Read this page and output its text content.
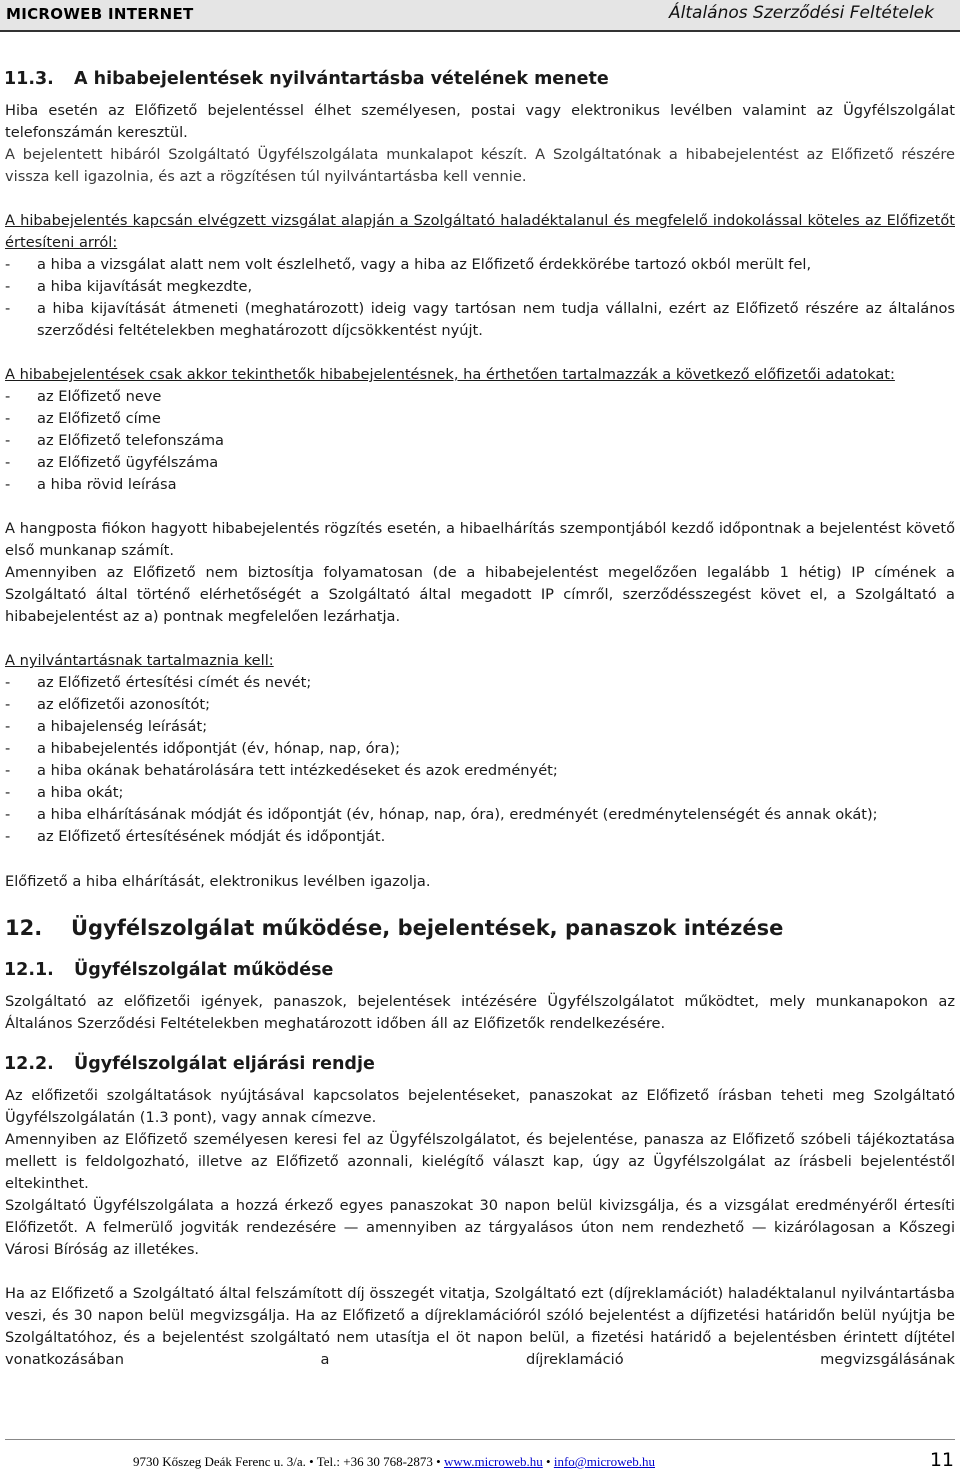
MICROWEB INTERNET	Általános Szerződési Feltételek
11.3. A hibabejelentések nyilvántartásba vételének menete
Hiba esetén az Előfizető bejelentéssel élhet személyesen, postai vagy elektronikus levélben valamint az Ügyfélszolgálat telefonszámán keresztül.
A bejelentett hibáról Szolgáltató Ügyfélszolgálata munkalapot készít. A Szolgáltatónak a hibabejelentést az Előfizető részére vissza kell igazolnia, és azt a rögzítésen túl nyilvántartásba kell vennie.
A hibabejelentés kapcsán elvégzett vizsgálat alapján a Szolgáltató haladéktalanul és megfelelő indokolással köteles az Előfizetőt értesíteni arról:
-	a hiba a vizsgálat alatt nem volt észlelhető, vagy a hiba az Előfizető érdekkörébe tartozó okból merült fel,
-	a hiba kijavítását megkezdte,
-	a hiba kijavítását átmeneti (meghatározott) ideig vagy tartósan nem tudja vállalni, ezért az Előfizető részére az általános szerződési feltételekben meghatározott díjcsökkentést nyújt.
A hibabejelentések csak akkor tekinthetők hibabejelentésnek, ha érthetően tartalmazzák a következő előfizetői adatokat:
-	az Előfizető neve
-	az Előfizető címe
-	az Előfizető telefonszáma
-	az Előfizető ügyfélszáma
-	a hiba rövid leírása
A hangposta fiókon hagyott hibabejelentés rögzítés esetén, a hibaelhárítás szempontjából kezdő időpontnak a bejelentést követő első munkanap számít.
Amennyiben az Előfizető nem biztosítja folyamatosan (de a hibabejelentést megelőzően legalább 1 hétig) IP címének a Szolgáltató által történő elérhetőségét a Szolgáltató által megadott IP címről, szerződésszegést követ el, a Szolgáltató a hibabejelentést az a) pontnak megfelelően lezárhatja.
A nyilvántartásnak tartalmaznia kell:
-	az Előfizető értesítési címét és nevét;
-	az előfizetői azonosítót;
-	a hibajelenség leírását;
-	a hibabejelentés időpontját (év, hónap, nap, óra);
-	a hiba okának behatárolására tett intézkedéseket és azok eredményét;
-	a hiba okát;
-	a hiba elhárításának módját és időpontját (év, hónap, nap, óra), eredményét (eredménytelenségét és annak okát);
-	az Előfizető értesítésének módját és időpontját.
Előfizető a hiba elhárítását, elektronikus levélben igazolja.
12. Ügyfélszolgálat működése, bejelentések, panaszok intézése
12.1. Ügyfélszolgálat működése
Szolgáltató az előfizetői igények, panaszok, bejelentések intézésére Ügyfélszolgálatot működtet, mely munkanapokon az Általános Szerződési Feltételekben meghatározott időben áll az Előfizetők rendelkezésére.
12.2. Ügyfélszolgálat eljárási rendje
Az előfizetői szolgáltatások nyújtásával kapcsolatos bejelentéseket, panaszokat az Előfizető írásban teheti meg Szolgáltató Ügyfélszolgálatán (1.3 pont), vagy annak címezve.
Amennyiben az Előfizető személyesen keresi fel az Ügyfélszolgálatot, és bejelentése, panasza az Előfizető szóbeli tájékoztatása mellett is feldolgozható, illetve az Előfizető azonnali, kielégítő választ kap, úgy az Ügyfélszolgálat az írásbeli bejelentéstől eltekinthet.
Szolgáltató Ügyfélszolgálata a hozzá érkező egyes panaszokat 30 napon belül kivizsgálja, és a vizsgálat eredményéről értesíti Előfizetőt. A felmerülő jogviták rendezésére — amennyiben az tárgyalásos úton nem rendezhető — kizárólagosan a Kőszegi Városi Bíróság az illetékes.
Ha az Előfizető a Szolgáltató által felszámított díj összegét vitatja, Szolgáltató ezt (díjreklamációt) haladéktalanul nyilvántartásba veszi, és 30 napon belül megvizsgálja. Ha az Előfizető a díjreklamációról szóló bejelentést a díjfizetési határidőn belül nyújtja be Szolgáltatóhoz, és a bejelentést szolgáltató nem utasítja el öt napon belül, a fizetési határidő a bejelentésben érintett díjtétel vonatkozásában a díjreklamáció megvizsgálásának
9730 Kőszeg Deák Ferenc u. 3/a. • Tel.: +36 30 768-2873 • www.microweb.hu • info@microweb.hu	11
